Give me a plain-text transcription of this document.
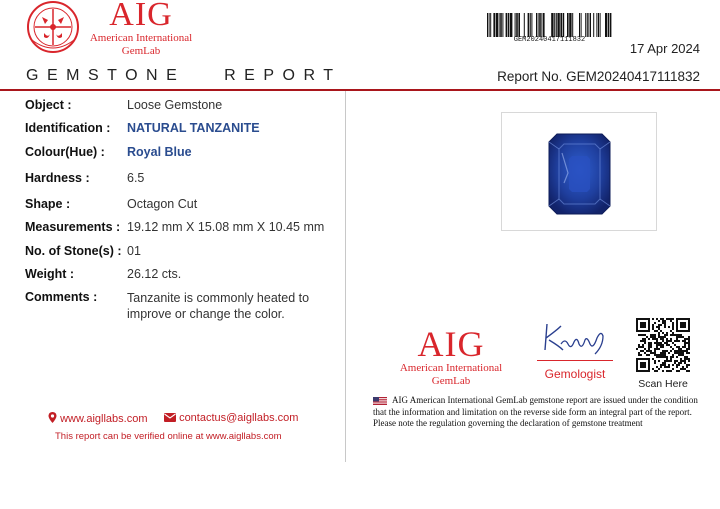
AIG
American International
GemLab
GEM20240417111832
17 Apr 2024
GEMSTONE   REPORT	Report No. GEM20240417111832
Object :	Loose Gemstone
Identification : NATURAL TANZANITE
Colour(Hue) : Royal Blue
Hardness :	6.5
Shape :	Octagon Cut
Measurements : 19.12 mm X 15.08 mm X 10.45 mm
No. of Stone(s) : 01
Weight :	26.12 cts.
Comments : Tanzanite is commonly heated to improve or change the color.
AIG
American International
GemLab	Gemologist
Scan Here
AIG American International GemLab gemstone report are issued under the condition that the information and limitation on the reverse side form an integral part of the report. Please note the regulation governing the declaration of gemstone treatment
www.aigllabs.com	contactus@aigllabs.com
This report can be verified online at www.aigllabs.com
